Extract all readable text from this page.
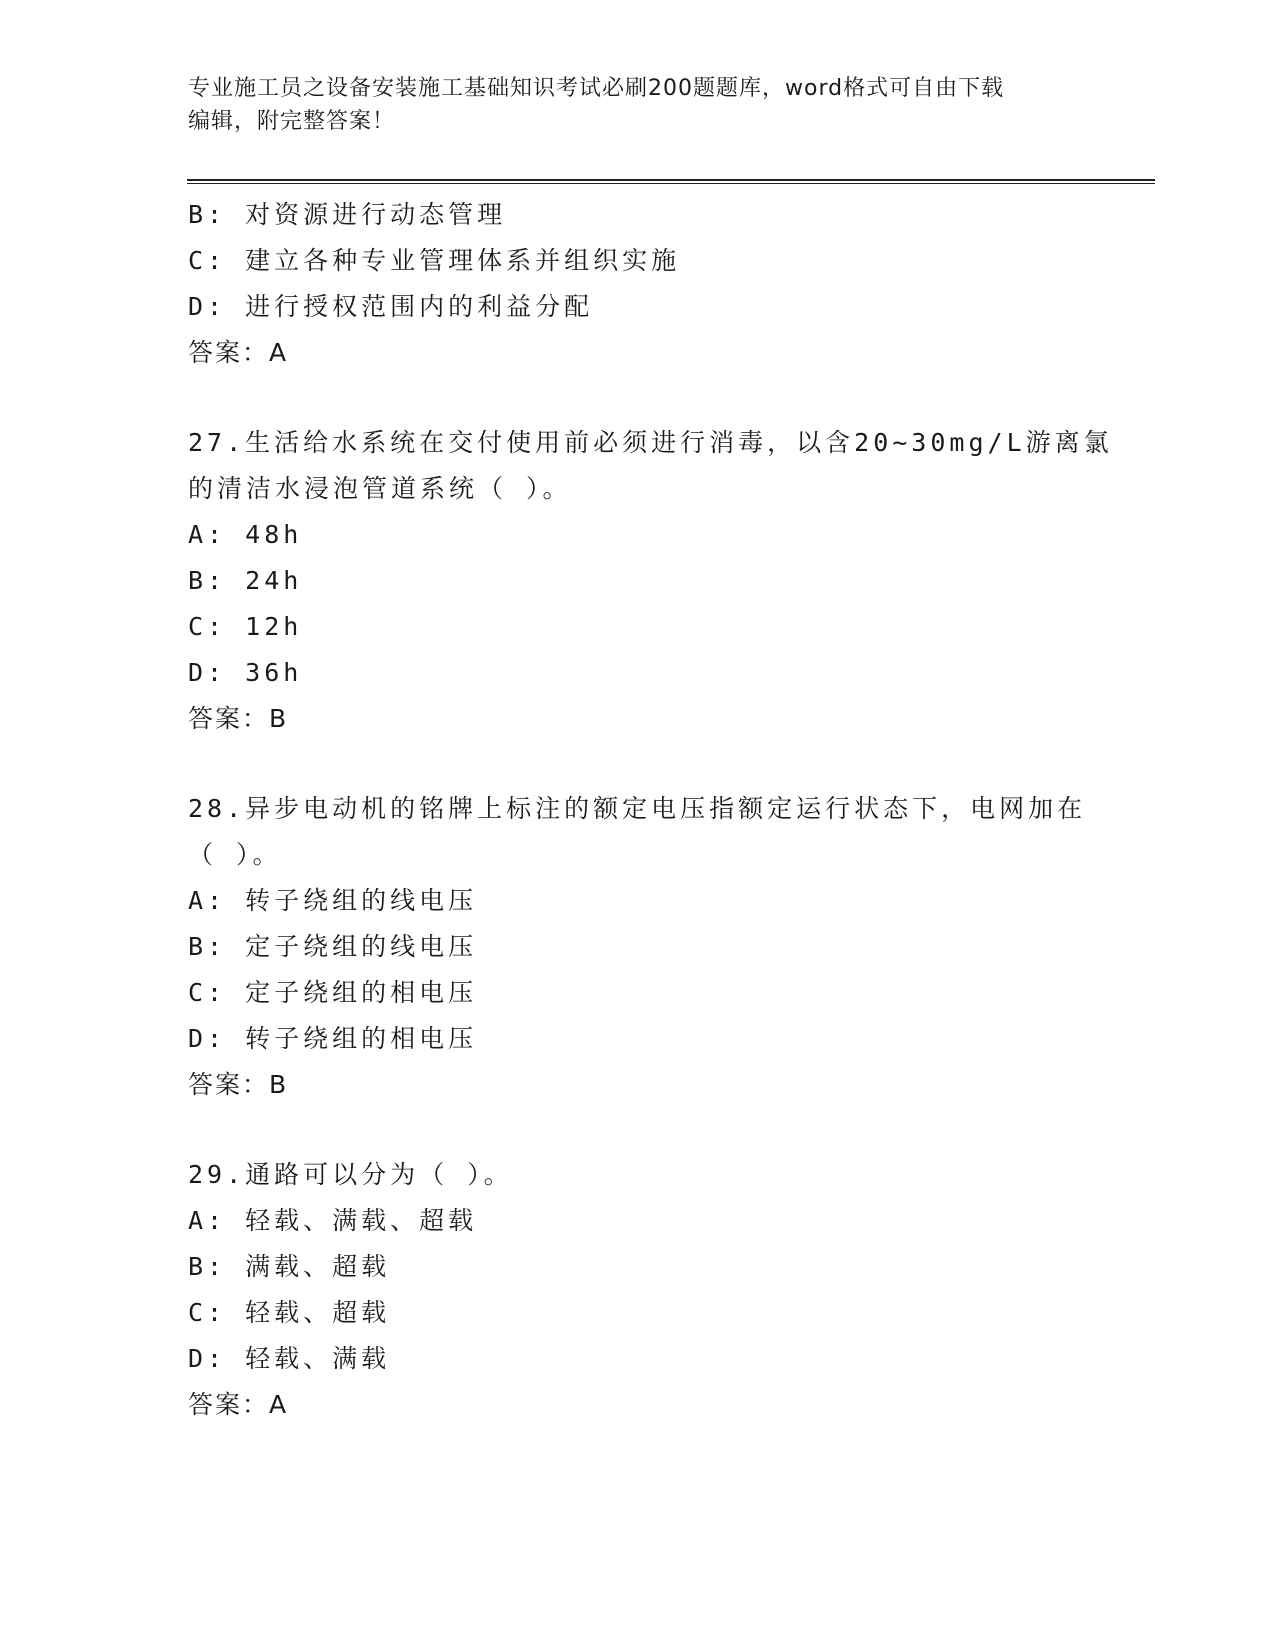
专业施工员之设备安装施工基础知识考试必刷200题题库，word格式可自由下载
编辑，附完整答案！
B: 对资源进行动态管理
C: 建立各种专业管理体系并组织实施
D: 进行授权范围内的利益分配
答案：A
27.生活给水系统在交付使用前必须进行消毒，以含20~30mg/L游离氯
的清洁水浸泡管道系统（ ）。
A: 48h
B: 24h
C: 12h
D: 36h
答案：B
28.异步电动机的铭牌上标注的额定电压指额定运行状态下，电网加在
（ ）。
A: 转子绕组的线电压
B: 定子绕组的线电压
C: 定子绕组的相电压
D: 转子绕组的相电压
答案：B
29.通路可以分为（ ）。
A: 轻载、满载、超载
B: 满载、超载
C: 轻载、超载
D: 轻载、满载
答案：A
